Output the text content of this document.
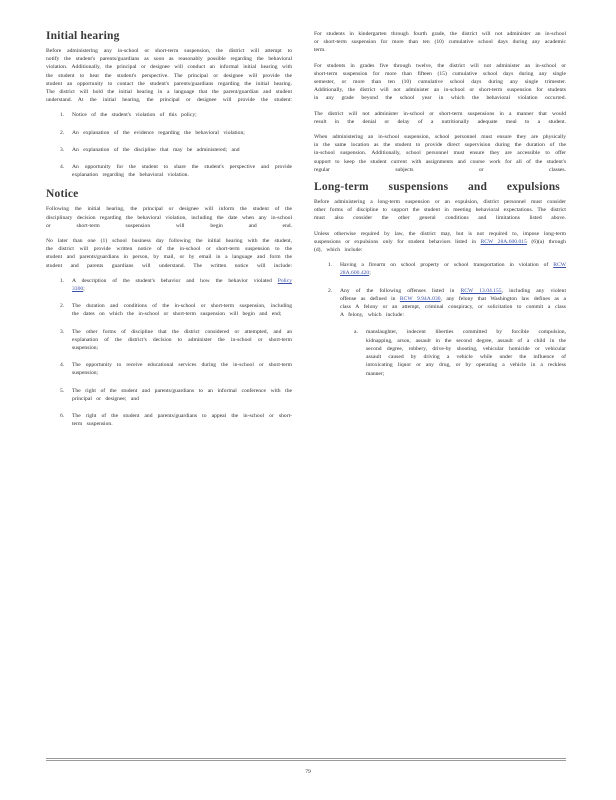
Initial hearing

Before administering any in-school or short-term suspension, the district will attempt to notify the student's parents/guardians as soon as reasonably possible regarding the behavioral violation. Additionally, the principal or designee will conduct an informal initial hearing with the student to hear the student's perspective. The principal or designee will provide the student an opportunity to contact the student's parents/guardians regarding the initial hearing. The district will hold the initial hearing in a language that the parent/guardian and student understand. At the initial hearing, the principal or designee will provide the student:

1. Notice of the student's violation of this policy;
2. An explanation of the evidence regarding the behavioral violation;
3. An explanation of the discipline that may be administered; and
4. An opportunity for the student to share the student's perspective and provide explanation regarding the behavioral violation.
Notice

Following the initial hearing, the principal or designee will inform the student of the disciplinary decision regarding the behavioral violation, including the date when any in-school or short-term suspension will begin and end.

No later than one (1) school business day following the initial hearing with the student, the district will provide written notice of the in-school or short-term suspension to the student and parents/guardians in person, by mail, or by email in a language and form the student and parents guardians will understand. The written notice will include:

1. A description of the student's behavior and how the behavior violated Policy 3300;
2. The duration and conditions of the in-school or short-term suspension, including the dates on which the in-school or short-term suspension will begin and end;
3. The other forms of discipline that the district considered or attempted, and an explanation of the district's decision to administer the in-school or short-term suspension;
4. The opportunity to receive educational services during the in-school or short-term suspension;
5. The right of the student and parents/guardians to an informal conference with the principal or designee; and
6. The right of the student and parents/guardians to appeal the in-school or short-term suspension.

For students in kindergarten through fourth grade, the district will not administer an in-school or short-term suspension for more than ten (10) cumulative school days during any academic term.

For students in grades five through twelve, the district will not administer an in-school or short-term suspension for more than fifteen (15) cumulative school days during any single semester, or more than ten (10) cumulative school days during any single trimester. Additionally, the district will not administer an in-school or short-term suspension for students in any grade beyond the school year in which the behavioral violation occurred.

The district will not administer in-school or short-term suspensions in a manner that would result in the denial or delay of a nutritionally adequate meal to a student.

When administering an in-school suspension, school personnel must ensure they are physically in the same location as the student to provide direct supervision during the duration of the in-school suspension. Additionally, school personnel must ensure they are accessible to offer support to keep the student current with assignments and course work for all of the student's regular subjects or classes.

Long-term suspensions and expulsions

Before administering a long-term suspension or an expulsion, district personnel must consider other forms of discipline to support the student in meeting behavioral expectations. The district must also consider the other general conditions and limitations listed above.

Unless otherwise required by law, the district may, but is not required to, impose long-term suspensions or expulsions only for student behaviors listed in RCW 28A.600.015 (6)(a) through (d), which include:

1. Having a firearm on school property or school transportation in violation of RCW 28A.600.420;
2. Any of the following offenses listed in RCW 13.04.155, including any violent offense as defined in RCW 9.94A.030, any felony that Washington law defines as a class A felony or an attempt, criminal conspiracy, or solicitation to commit a class A felony, which include:
a. manslaughter, indecent liberties committed by forcible compulsion, kidnapping, arson, assault in the second degree, assault of a child in the second degree, robbery, drive-by shooting, vehicular homicide or vehicular assault caused by driving a vehicle while under the influence of intoxicating liquor or any drug, or by operating a vehicle in a reckless manner;
79
